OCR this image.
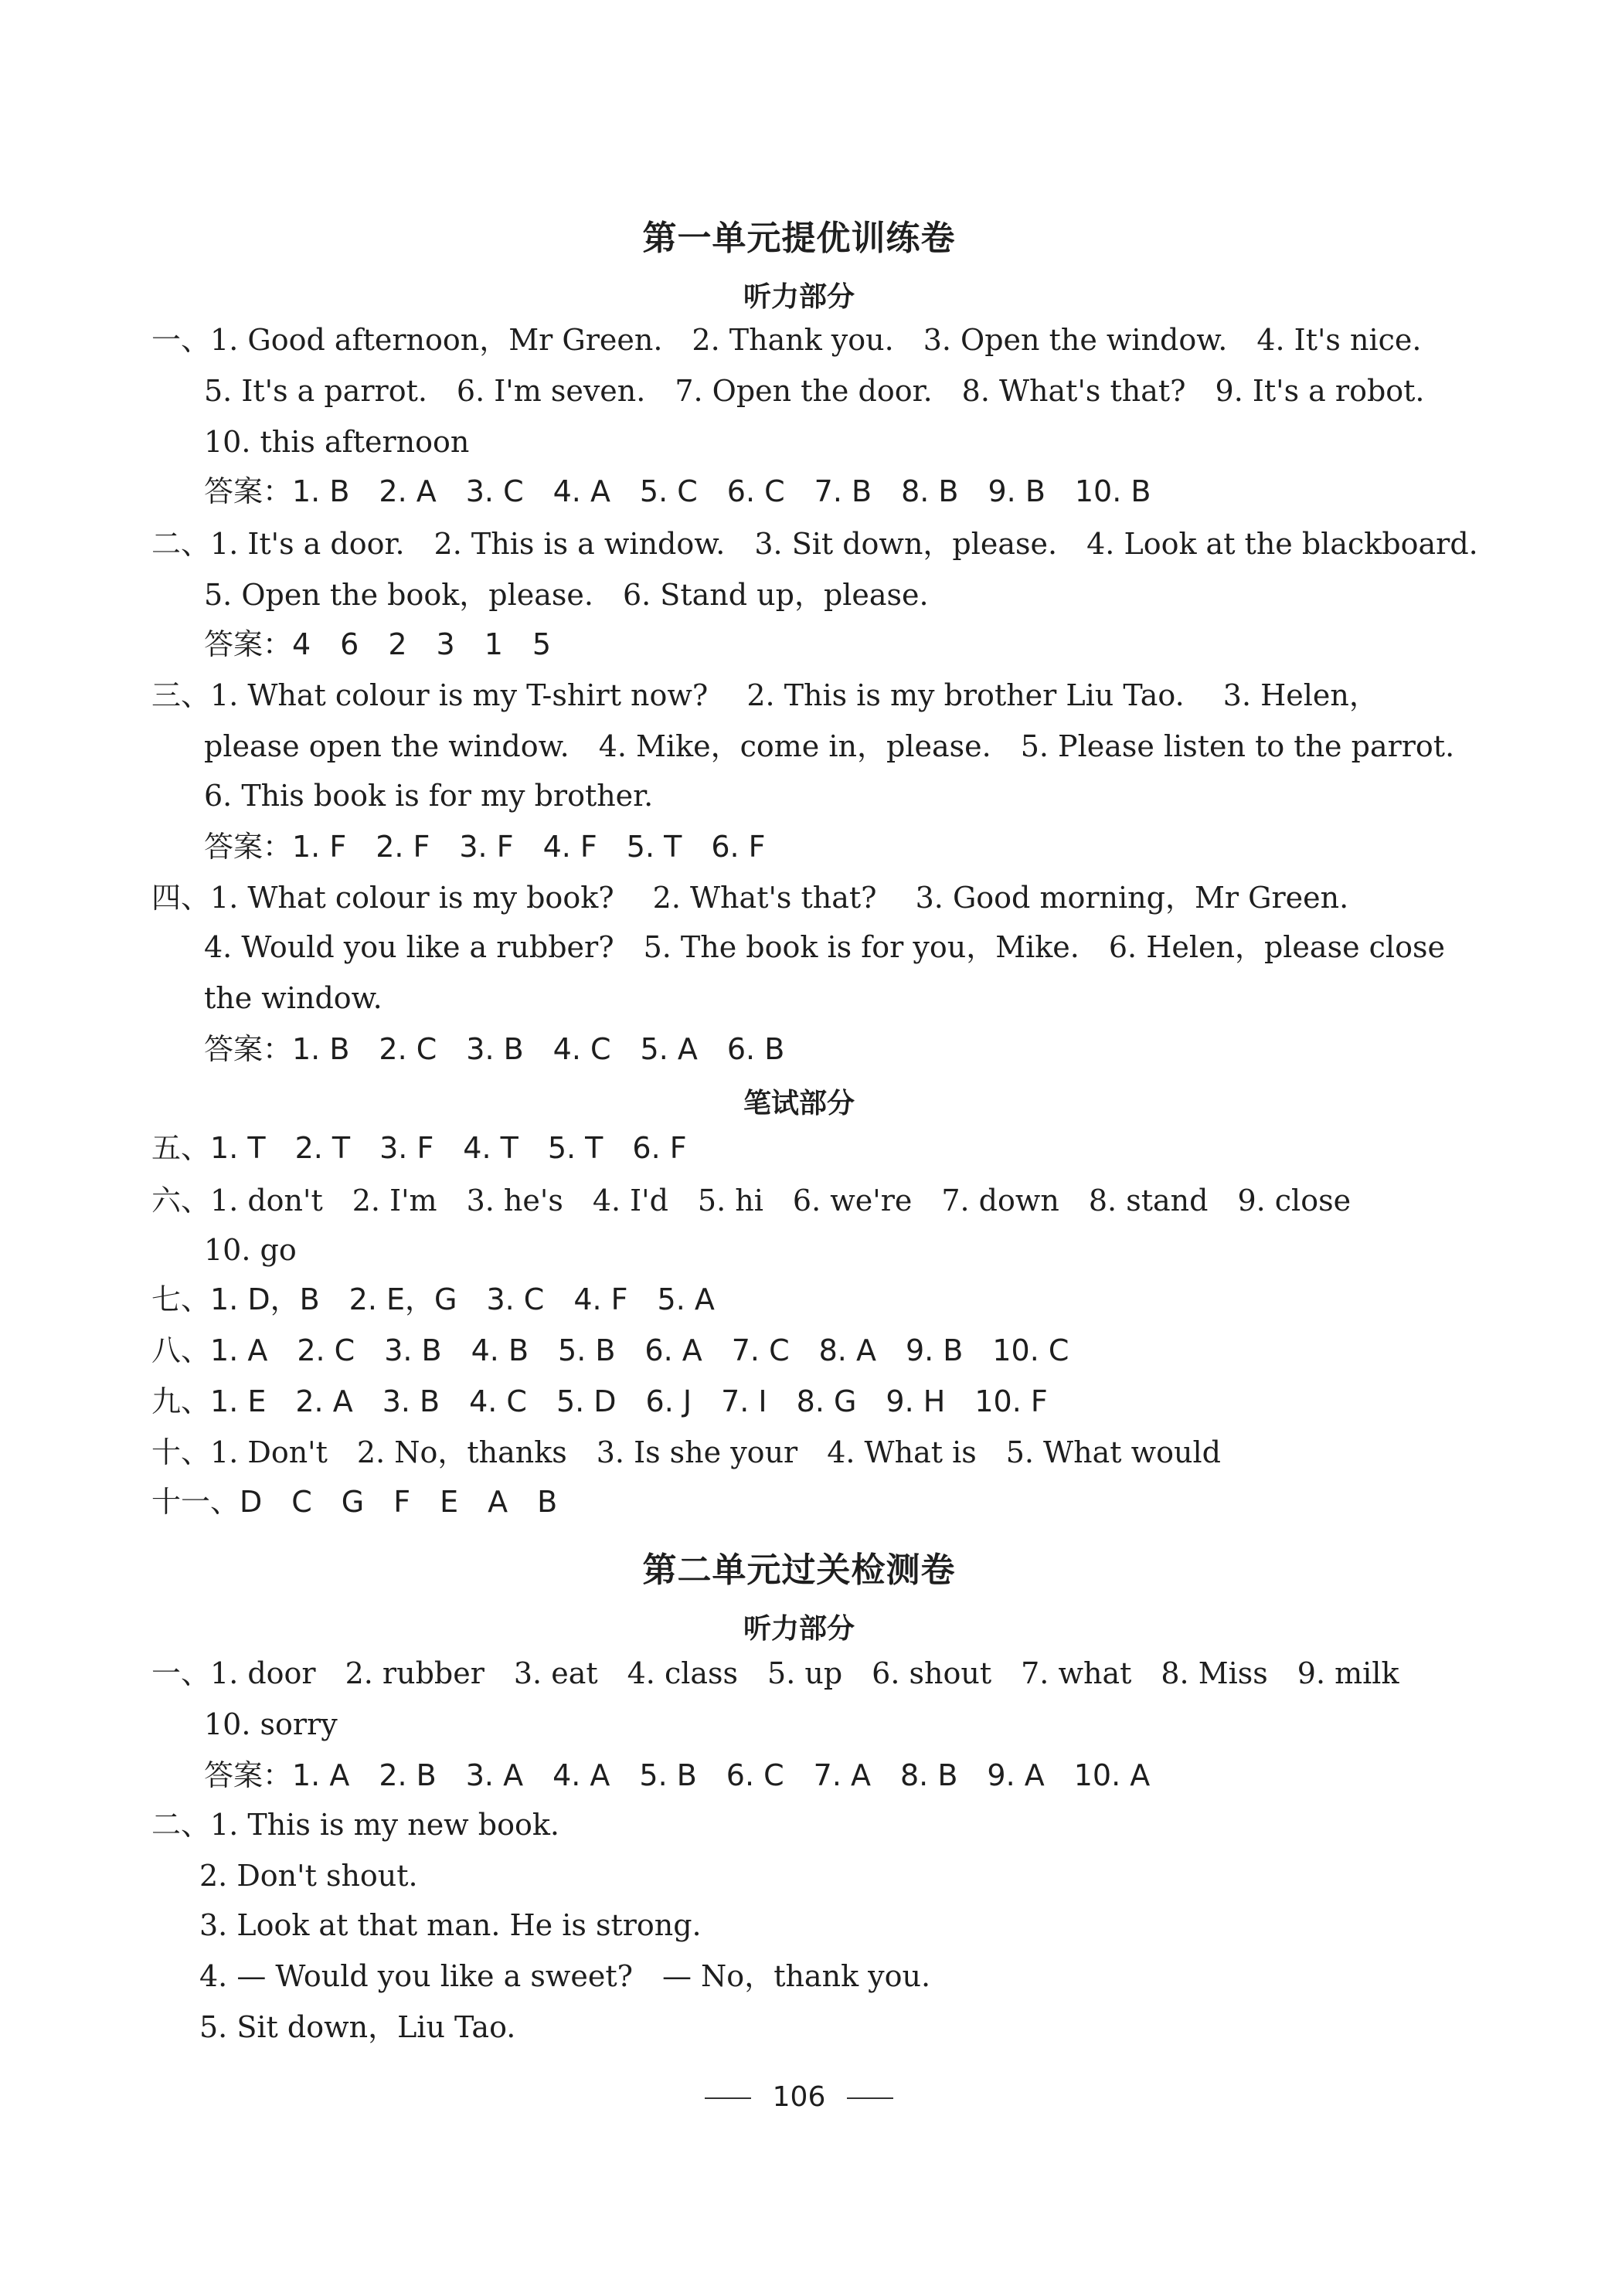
第一单元提优训练卷
听力部分
一、1. Good afternoon，Mr Green. 2. Thank you. 3. Open the window. 4. It's nice.
5. It's a parrot. 6. I'm seven. 7. Open the door. 8. What's that? 9. It's a robot.
10. this afternoon
答案：1. B　2. A　3. C　4. A　5. C　6. C　7. B　8. B　9. B　10. B
二、1. It's a door. 2. This is a window. 3. Sit down，please. 4. Look at the blackboard.
5. Open the book，please. 6. Stand up，please.
答案：4　6　2　3　1　5
三、1. What colour is my T-shirt now?　 2. This is my brother Liu Tao.　 3. Helen，
please open the window.　4. Mike，come in，please.　5. Please listen to the parrot.
6. This book is for my brother.
答案：1. F　2. F　3. F　4. F　5. T　6. F
四、1. What colour is my book?　 2. What's that?　 3. Good morning，Mr Green.
4. Would you like a rubber?　5. The book is for you，Mike.　6. Helen，please close
the window.
答案：1. B　2. C　3. B　4. C　5. A　6. B
笔试部分
五、1. T　2. T　3. F　4. T　5. T　6. F
六、1. don't　2. I'm　3. he's　4. I'd　5. hi　6. we're　7. down　8. stand　9. close
10. go
七、1. D，B　2. E，G　3. C　4. F　5. A
八、1. A　2. C　3. B　4. B　5. B　6. A　7. C　8. A　9. B　10. C
九、1. E　2. A　3. B　4. C　5. D　6. J　7. I　8. G　9. H　10. F
十、1. Don't　2. No，thanks　3. Is she your　4. What is　5. What would
十一、D　C　G　F　E　A　B
第二单元过关检测卷
听力部分
一、1. door　2. rubber　3. eat　4. class　5. up　6. shout　7. what　8. Miss　9. milk
10. sorry
答案：1. A　2. B　3. A　4. A　5. B　6. C　7. A　8. B　9. A　10. A
二、1. This is my new book.
2. Don't shout.
3. Look at that man. He is strong.
4. — Would you like a sweet?　— No，thank you.
5. Sit down，Liu Tao.
106
